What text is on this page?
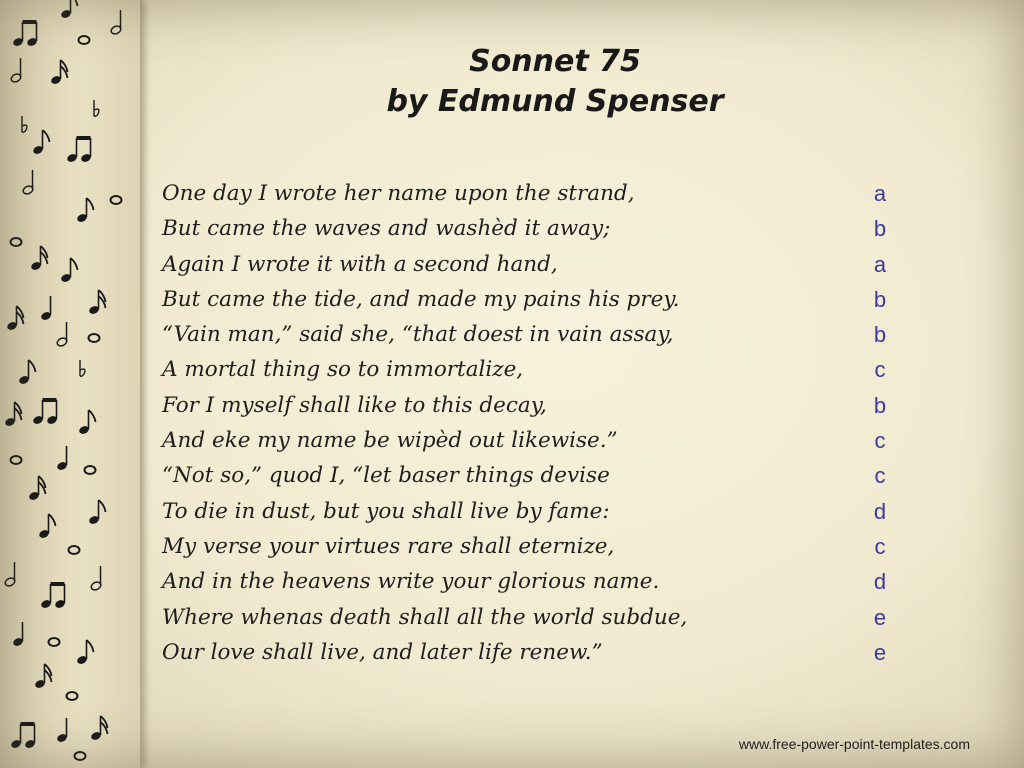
Sonnet 75
by Edmund Spenser
One day I wrote her name upon the strand,
But came the waves and washèd it away;
Again I wrote it with a second hand,
But came the tide, and made my pains his prey.
“Vain man,” said she, “that doest in vain assay,
A mortal thing so to immortalize,
For I myself shall like to this decay,
And eke my name be wipèd out likewise.”
“Not so,” quod I, “let baser things devise
To die in dust, but you shall live by fame:
My verse your virtues rare shall eternize,
And in the heavens write your glorious name.
Where whenas death shall all the world subdue,
Our love shall live, and later life renew.”
a
b
a
b
b
c
b
c
c
d
c
d
e
e
www.free-power-point-templates.com
